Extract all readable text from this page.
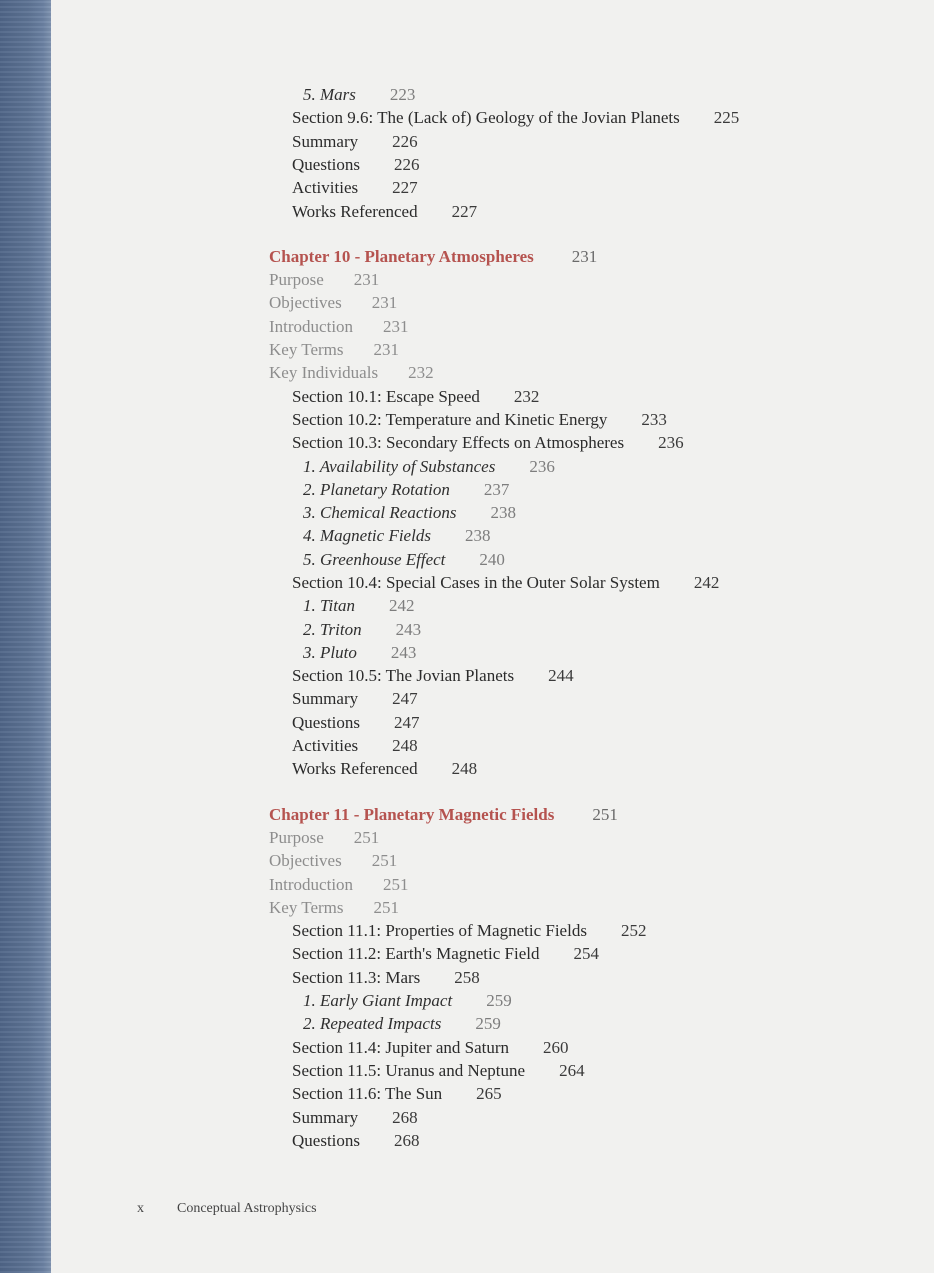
5. Mars 223
Section 9.6: The (Lack of) Geology of the Jovian Planets 225
Summary 226
Questions 226
Activities 227
Works Referenced 227
Chapter 10 - Planetary Atmospheres 231
Purpose 231
Objectives 231
Introduction 231
Key Terms 231
Key Individuals 232
Section 10.1: Escape Speed 232
Section 10.2: Temperature and Kinetic Energy 233
Section 10.3: Secondary Effects on Atmospheres 236
1. Availability of Substances 236
2. Planetary Rotation 237
3. Chemical Reactions 238
4. Magnetic Fields 238
5. Greenhouse Effect 240
Section 10.4: Special Cases in the Outer Solar System 242
1. Titan 242
2. Triton 243
3. Pluto 243
Section 10.5: The Jovian Planets 244
Summary 247
Questions 247
Activities 248
Works Referenced 248
Chapter 11 - Planetary Magnetic Fields 251
Purpose 251
Objectives 251
Introduction 251
Key Terms 251
Section 11.1: Properties of Magnetic Fields 252
Section 11.2: Earth's Magnetic Field 254
Section 11.3: Mars 258
1. Early Giant Impact 259
2. Repeated Impacts 259
Section 11.4: Jupiter and Saturn 260
Section 11.5: Uranus and Neptune 264
Section 11.6: The Sun 265
Summary 268
Questions 268
x Conceptual Astrophysics
